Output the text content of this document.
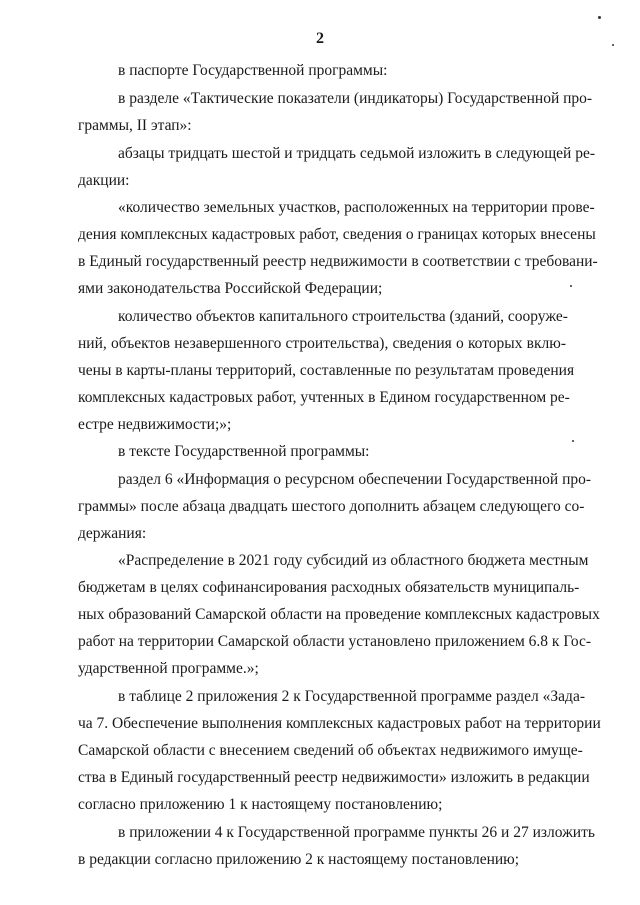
2
в паспорте Государственной программы:
в разделе «Тактические показатели (индикаторы) Государственной про-
граммы, II этап»:
абзацы тридцать шестой и тридцать седьмой изложить в следующей ре-
дакции:
«количество земельных участков, расположенных на территории прове-
дения комплексных кадастровых работ, сведения о границах которых внесены
в Единый государственный реестр недвижимости в соответствии с требовани-
ями законодательства Российской Федерации;
количество объектов капитального строительства (зданий, сооруже-
ний, объектов незавершенного строительства), сведения о которых вклю-
чены в карты-планы территорий, составленные по результатам проведения
комплексных кадастровых работ, учтенных в Едином государственном ре-
естре недвижимости;»;
в тексте Государственной программы:
раздел 6 «Информация о ресурсном обеспечении Государственной про-
граммы» после абзаца двадцать шестого дополнить абзацем следующего со-
держания:
«Распределение в 2021 году субсидий из областного бюджета местным
бюджетам в целях софинансирования расходных обязательств муниципаль-
ных образований Самарской области на проведение комплексных кадастровых
работ на территории Самарской области установлено приложением 6.8 к Гос-
ударственной программе.»;
в таблице 2 приложения 2 к Государственной программе раздел «Зада-
ча 7. Обеспечение выполнения комплексных кадастровых работ на территории
Самарской области с внесением сведений об объектах недвижимого имуще-
ства в Единый государственный реестр недвижимости» изложить в редакции
согласно приложению 1 к настоящему постановлению;
в приложении 4 к Государственной программе пункты 26 и 27 изложить
в редакции согласно приложению 2 к настоящему постановлению;
